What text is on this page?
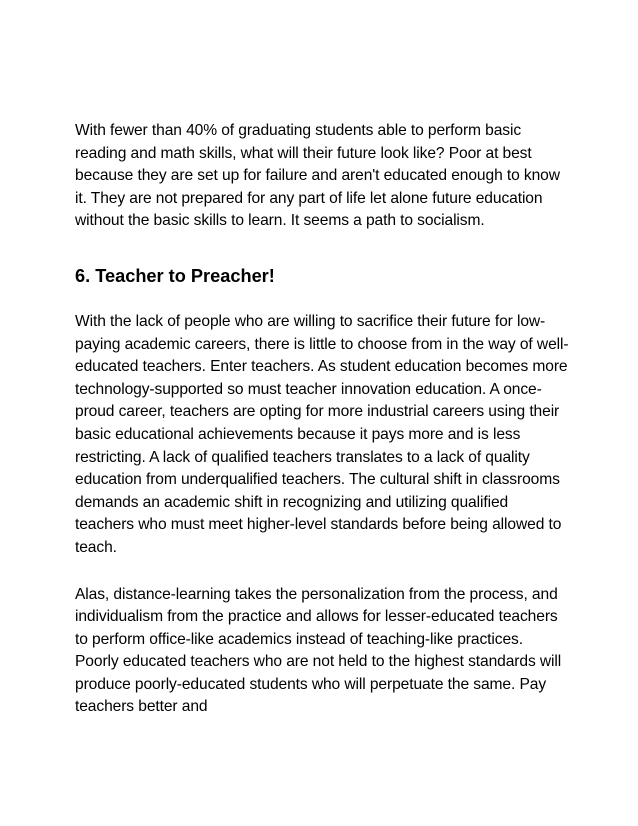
With fewer than 40% of graduating students able to perform basic reading and math skills, what will their future look like? Poor at best because they are set up for failure and aren't educated enough to know it. They are not prepared for any part of life let alone future education without the basic skills to learn. It seems a path to socialism.

6. Teacher to Preacher!

With the lack of people who are willing to sacrifice their future for low-paying academic careers, there is little to choose from in the way of well-educated teachers. Enter teachers. As student education becomes more technology-supported so must teacher innovation education. A once-proud career, teachers are opting for more industrial careers using their basic educational achievements because it pays more and is less restricting. A lack of qualified teachers translates to a lack of quality education from underqualified teachers. The cultural shift in classrooms demands an academic shift in recognizing and utilizing qualified teachers who must meet higher-level standards before being allowed to teach.

Alas, distance-learning takes the personalization from the process, and individualism from the practice and allows for lesser-educated teachers to perform office-like academics instead of teaching-like practices. Poorly educated teachers who are not held to the highest standards will produce poorly-educated students who will perpetuate the same. Pay teachers better and
